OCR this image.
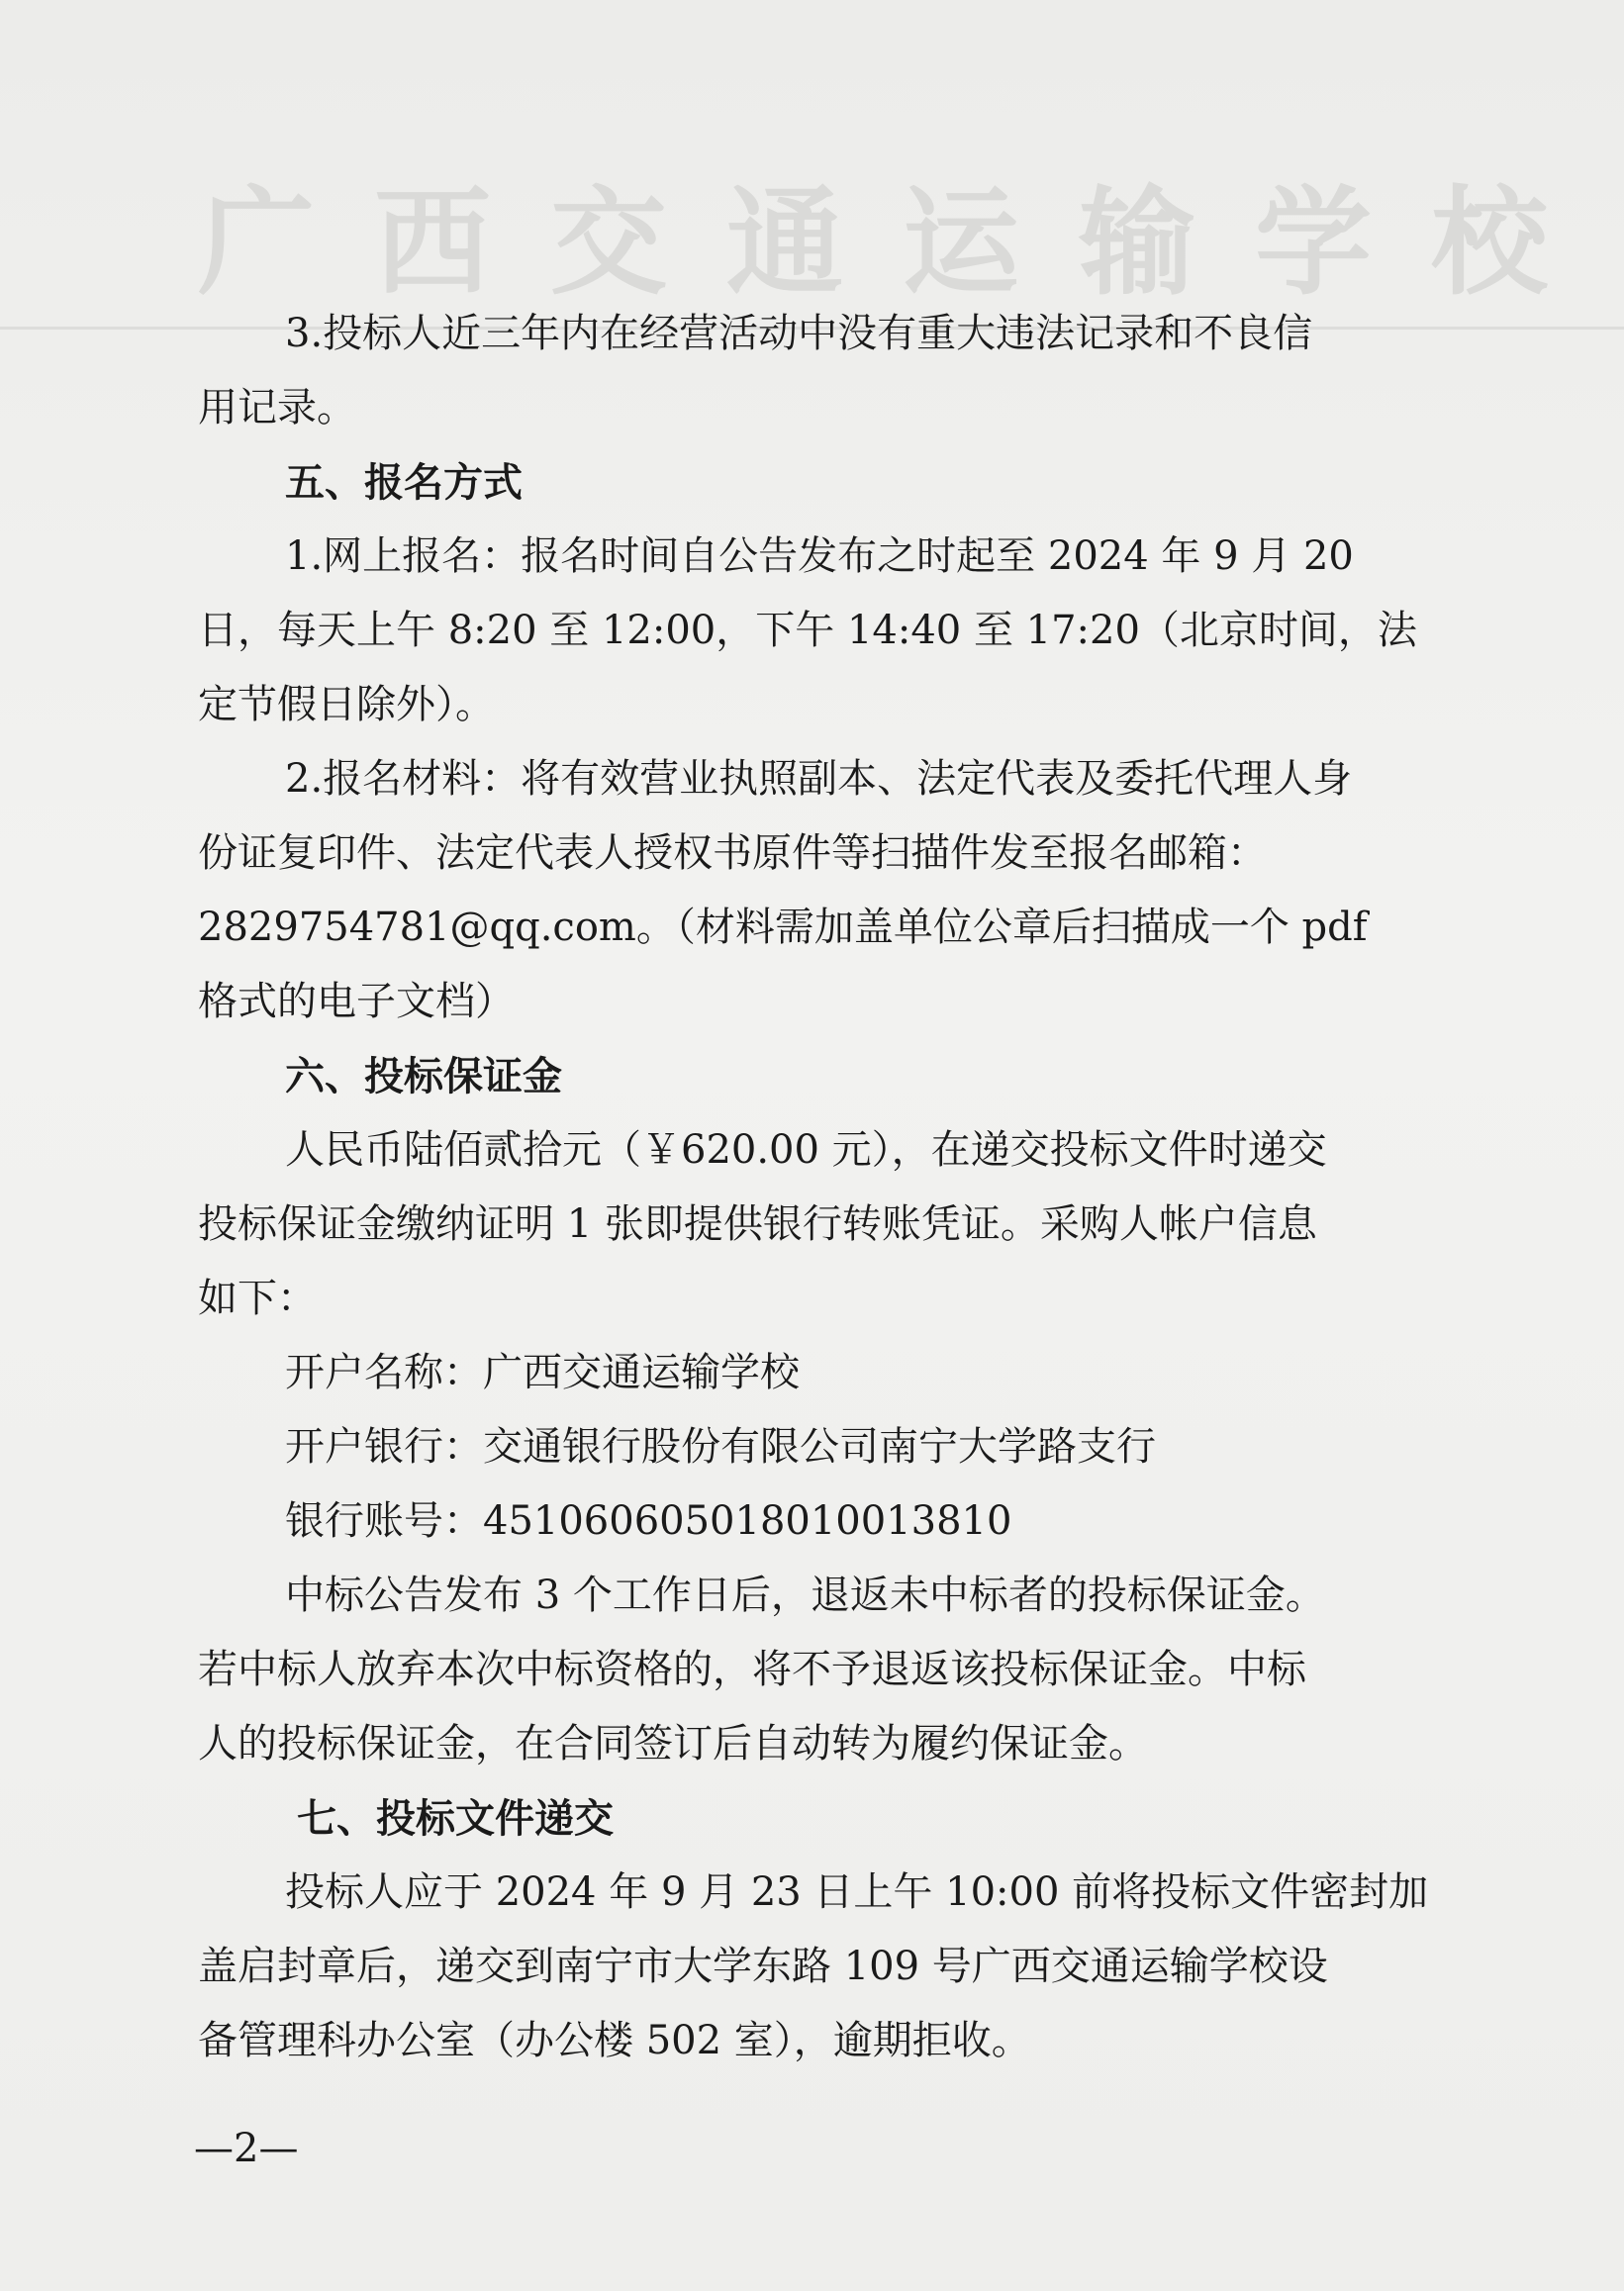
广西交通运输学校

3.投标人近三年内在经营活动中没有重大违法记录和不良信

用记录。

五、报名方式

1.网上报名：报名时间自公告发布之时起至 2024 年 9 月 20

日，每天上午 8:20 至 12:00，下午 14:40 至 17:20（北京时间，法

定节假日除外）。

2.报名材料：将有效营业执照副本、法定代表及委托代理人身

份证复印件、法定代表人授权书原件等扫描件发至报名邮箱：

2829754781@qq.com。（材料需加盖单位公章后扫描成一个 pdf

格式的电子文档）

六、投标保证金

人民币陆佰贰拾元（￥620.00 元），在递交投标文件时递交

投标保证金缴纳证明 1 张即提供银行转账凭证。采购人帐户信息

如下：

开户名称：广西交通运输学校

开户银行：交通银行股份有限公司南宁大学路支行

银行账号：451060605018010013810

中标公告发布 3 个工作日后，退返未中标者的投标保证金。

若中标人放弃本次中标资格的，将不予退返该投标保证金。中标

人的投标保证金，在合同签订后自动转为履约保证金。

七、投标文件递交

投标人应于 2024 年 9 月 23 日上午 10:00 前将投标文件密封加

盖启封章后，递交到南宁市大学东路 109 号广西交通运输学校设

备管理科办公室（办公楼 502 室），逾期拒收。

—2—
